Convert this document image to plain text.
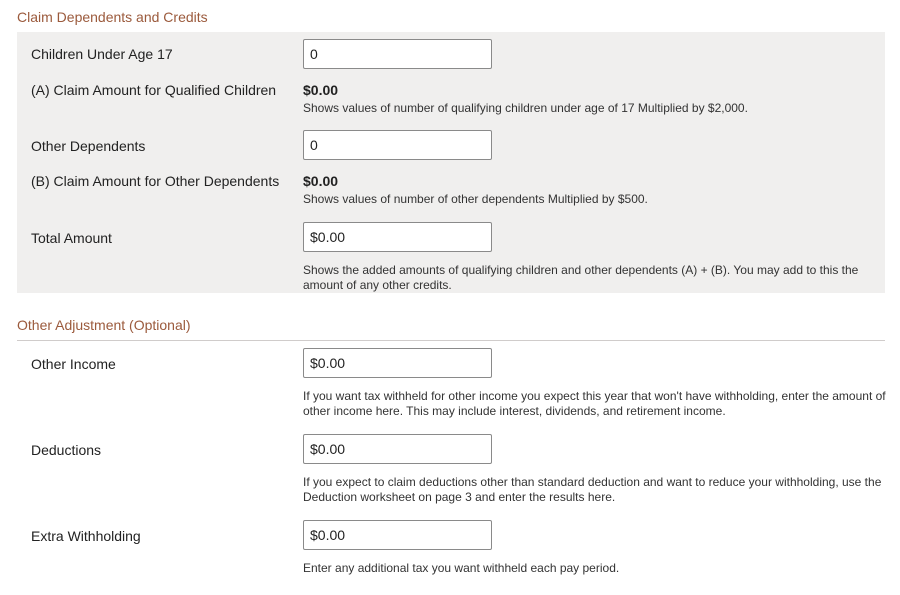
Claim Dependents and Credits
Children Under Age 17
0
(A) Claim Amount for Qualified Children $0.00
Shows values of number of qualifying children under age of 17 Multiplied by $2,000.
Other Dependents
0
(B) Claim Amount for Other Dependents $0.00
Shows values of number of other dependents Multiplied by $500.
Total Amount
$0.00
Shows the added amounts of qualifying children and other dependents (A) + (B). You may add to this the amount of any other credits.
Other Adjustment (Optional)
Other Income
$0.00
If you want tax withheld for other income you expect this year that won't have withholding, enter the amount of other income here. This may include interest, dividends, and retirement income.
Deductions
$0.00
If you expect to claim deductions other than standard deduction and want to reduce your withholding, use the Deduction worksheet on page 3 and enter the results here.
Extra Withholding
$0.00
Enter any additional tax you want withheld each pay period.
